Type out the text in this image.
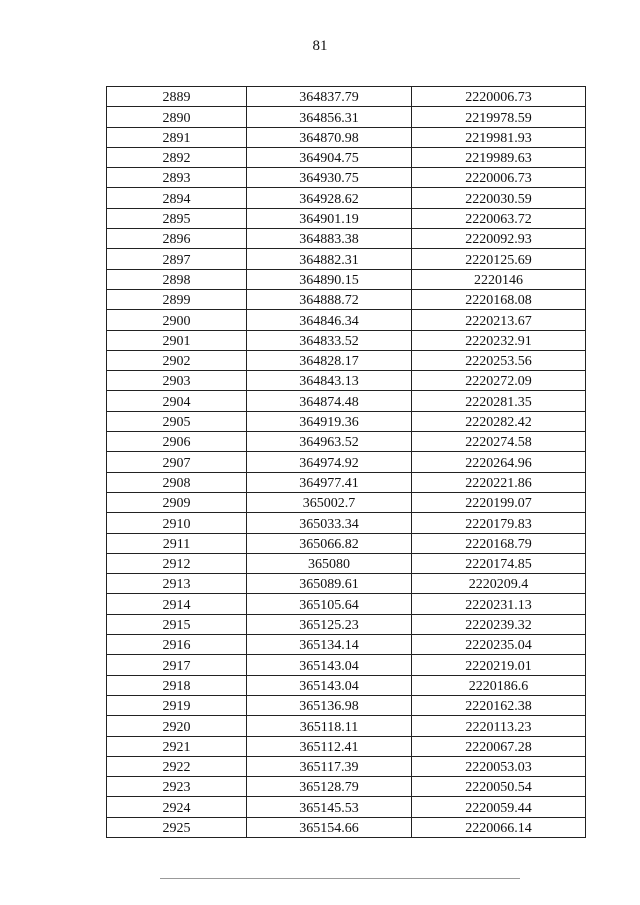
81
2889	364837.79	2220006.73
2890	364856.31	2219978.59
2891	364870.98	2219981.93
2892	364904.75	2219989.63
2893	364930.75	2220006.73
2894	364928.62	2220030.59
2895	364901.19	2220063.72
2896	364883.38	2220092.93
2897	364882.31	2220125.69
2898	364890.15	2220146
2899	364888.72	2220168.08
2900	364846.34	2220213.67
2901	364833.52	2220232.91
2902	364828.17	2220253.56
2903	364843.13	2220272.09
2904	364874.48	2220281.35
2905	364919.36	2220282.42
2906	364963.52	2220274.58
2907	364974.92	2220264.96
2908	364977.41	2220221.86
2909	365002.7	2220199.07
2910	365033.34	2220179.83
2911	365066.82	2220168.79
2912	365080	2220174.85
2913	365089.61	2220209.4
2914	365105.64	2220231.13
2915	365125.23	2220239.32
2916	365134.14	2220235.04
2917	365143.04	2220219.01
2918	365143.04	2220186.6
2919	365136.98	2220162.38
2920	365118.11	2220113.23
2921	365112.41	2220067.28
2922	365117.39	2220053.03
2923	365128.79	2220050.54
2924	365145.53	2220059.44
2925	365154.66	2220066.14
